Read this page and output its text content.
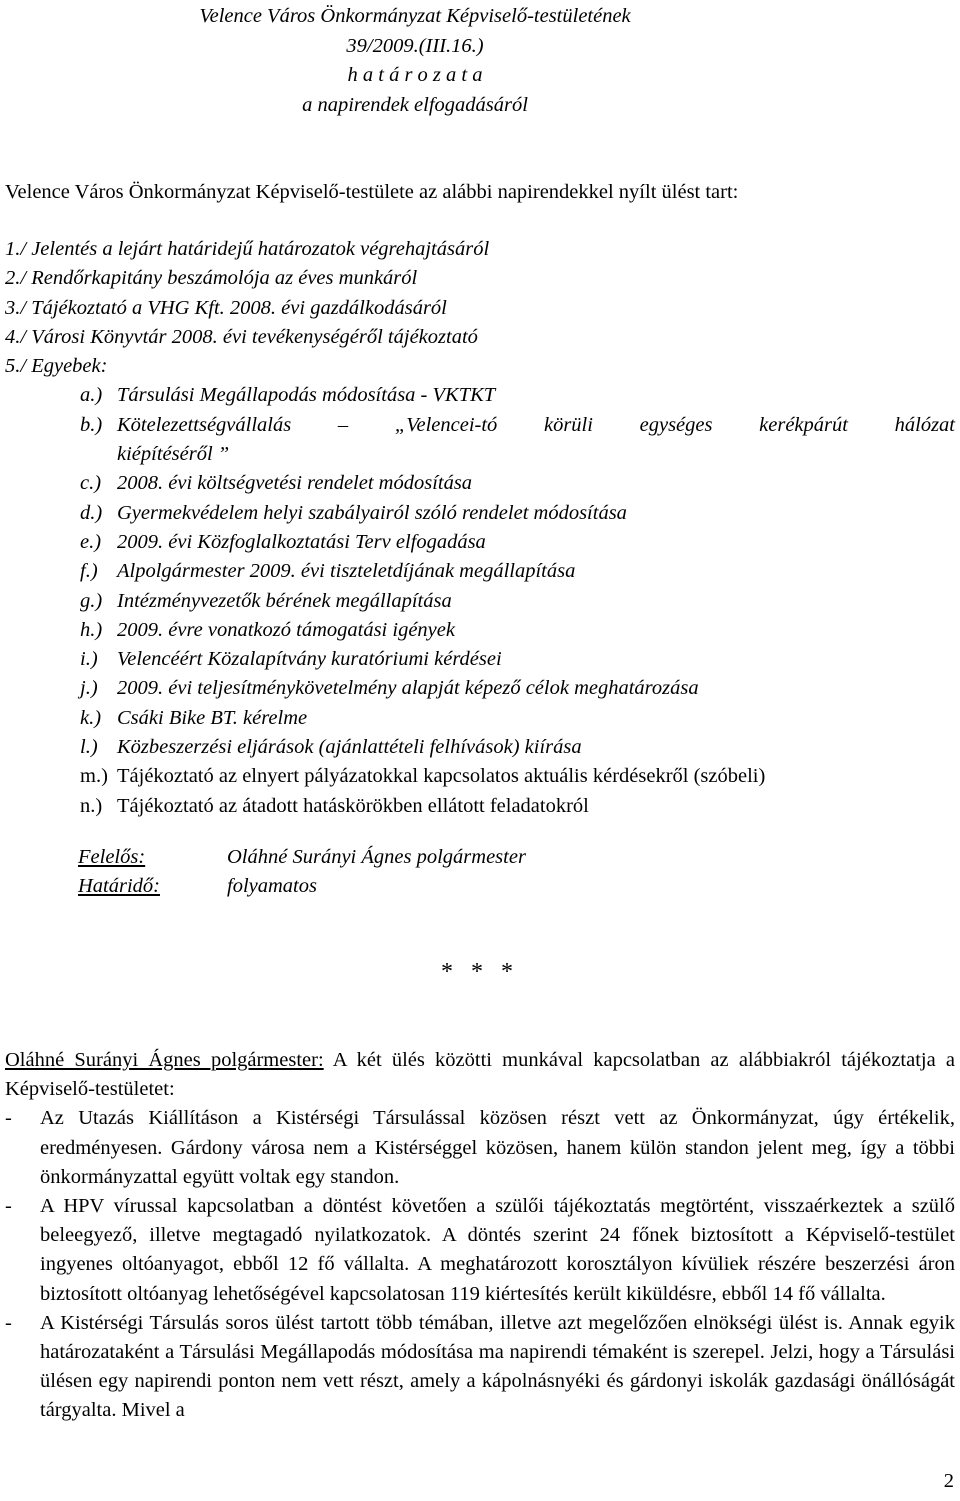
Velence Város Önkormányzat Képviselő-testületének
39/2009.(III.16.)
h a t á r o z a t a
a napirendek elfogadásáról
Velence Város Önkormányzat Képviselő-testülete az alábbi napirendekkel nyílt ülést tart:
1./ Jelentés a lejárt határidejű határozatok végrehajtásáról
2./ Rendőrkapitány beszámolója az éves munkáról
3./ Tájékoztató a VHG Kft. 2008. évi gazdálkodásáról
4./ Városi Könyvtár 2008. évi tevékenységéről tájékoztató
5./ Egyebek:
a.) Társulási Megállapodás módosítása - VKTKT
b.) Kötelezettségvállalás – „Velencei-tó körüli egységes kerékpárút hálózat
kiépítéséről ”
c.) 2008. évi költségvetési rendelet módosítása
d.) Gyermekvédelem helyi szabályairól szóló rendelet módosítása
e.) 2009. évi Közfoglalkoztatási Terv elfogadása
f.) Alpolgármester 2009. évi tiszteletdíjának megállapítása
g.) Intézményvezetők bérének megállapítása
h.) 2009. évre vonatkozó támogatási igények
i.) Velencéért Közalapítvány kuratóriumi kérdései
j.) 2009. évi teljesítménykövetelmény alapját képező célok meghatározása
k.) Csáki Bike BT. kérelme
l.) Közbeszerzési eljárások (ajánlattételi felhívások) kiírása
m.) Tájékoztató az elnyert pályázatokkal kapcsolatos aktuális kérdésekről (szóbeli)
n.) Tájékoztató az átadott hatáskörökben ellátott feladatokról
Felelős:	Oláhné Surányi Ágnes polgármester
Határidő:	folyamatos
* * *

Oláhné Surányi Ágnes polgármester: A két ülés közötti munkával kapcsolatban az alábbiakról tájékoztatja a Képviselő-testületet:

- Az Utazás Kiállításon a Kistérségi Társulással közösen részt vett az Önkormányzat, úgy értékelik, eredményesen. Gárdony városa nem a Kistérséggel közösen, hanem külön standon jelent meg, így a többi önkormányzattal együtt voltak egy standon.

- A HPV vírussal kapcsolatban a döntést követően a szülői tájékoztatás megtörtént, visszaérkeztek a szülő beleegyező, illetve megtagadó nyilatkozatok. A döntés szerint 24 főnek biztosított a Képviselő-testület ingyenes oltóanyagot, ebből 12 fő vállalta. A meghatározott korosztályon kívüliek részére beszerzési áron biztosított oltóanyag lehetőségével kapcsolatosan 119 kiértesítés került kiküldésre, ebből 14 fő vállalta.

- A Kistérségi Társulás soros ülést tartott több témában, illetve azt megelőzően elnökségi ülést is. Annak egyik határozataként a Társulási Megállapodás módosítása ma napirendi témaként is szerepel. Jelzi, hogy a Társulási ülésen egy napirendi ponton nem vett részt, amely a kápolnásnyéki és gárdonyi iskolák gazdasági önállóságát tárgyalta. Mivel a

2
